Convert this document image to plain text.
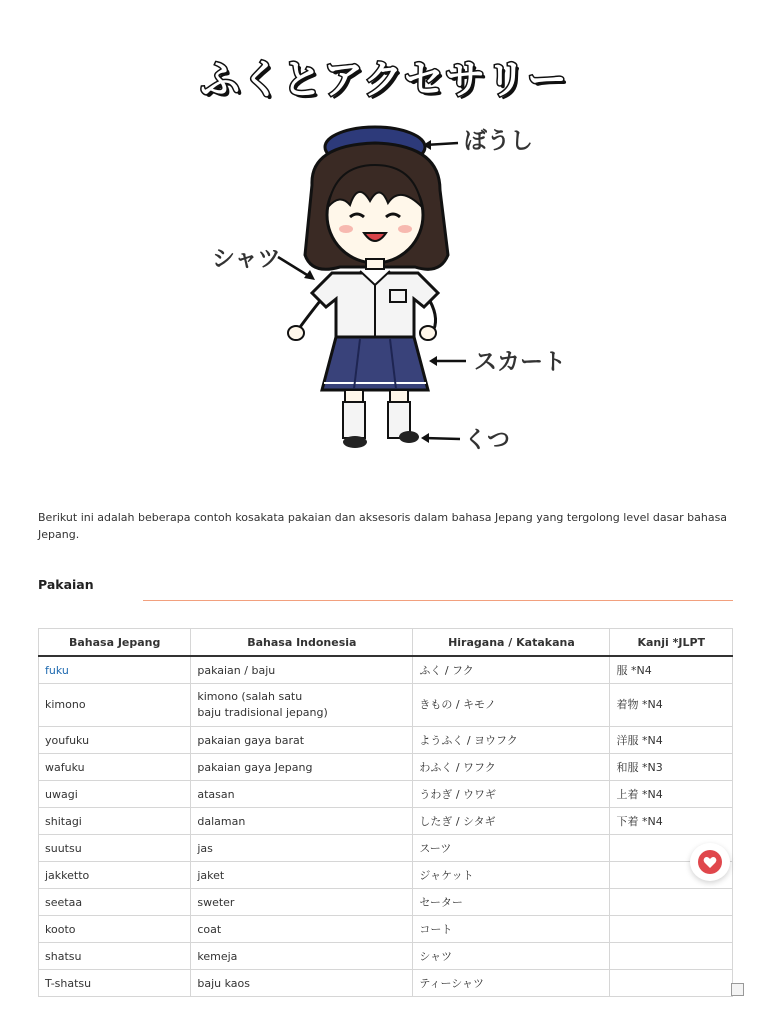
ふくとアクセサリー
ぼうし
シャツ
スカート
くつ

Berikut ini adalah beberapa contoh kosakata pakaian dan aksesoris dalam bahasa Jepang yang tergolong level dasar bahasa Jepang.

Pakaian
Bahasa Jepang	Bahasa Indonesia	Hiragana / Katakana	Kanji *JLPT
fuku	pakaian / baju	ふく / フク	服 *N4
kimono	kimono (salah satu
baju tradisional jepang)	きもの / キモノ	着物 *N4
youfuku	pakaian gaya barat	ようふく / ヨウフク	洋服 *N4
wafuku	pakaian gaya Jepang	わふく / ワフク	和服 *N3
uwagi	atasan	うわぎ / ウワギ	上着 *N4
shitagi	dalaman	したぎ / シタギ	下着 *N4
suutsu	jas	スーツ	
jakketto	jaket	ジャケット	
seetaa	sweter	セーター	
kooto	coat	コート	
shatsu	kemeja	シャツ	
T-shatsu	baju kaos	ティーシャツ	
